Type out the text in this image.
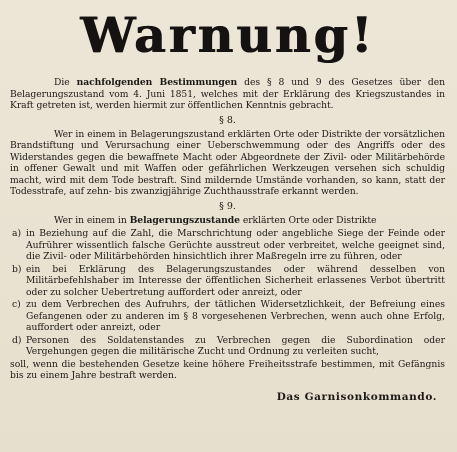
Warnung!

Die nachfolgenden Bestimmungen des § 8 und 9 des Gesetzes über den Belagerungszustand vom 4. Juni 1851, welches mit der Erklärung des Kriegszustandes in Kraft getreten ist, werden hiermit zur öffentlichen Kenntnis gebracht.

§ 8.

Wer in einem in Belagerungszustand erklärten Orte oder Distrikte der vorsätzlichen Brandstiftung und Verursachung einer Ueberschwemmung oder des Angriffs oder des Widerstandes gegen die bewaffnete Macht oder Abgeordnete der Zivil- oder Militärbehörde in offener Gewalt und mit Waffen oder gefährlichen Werkzeugen versehen sich schuldig macht, wird mit dem Tode bestraft. Sind mildernde Umstände vorhanden, so kann, statt der Todesstrafe, auf zehn- bis zwanzigjährige Zuchthausstrafe erkannt werden.

§ 9.

Wer in einem in Belagerungszustande erklärten Orte oder Distrikte

a) in Beziehung auf die Zahl, die Marschrichtung oder angebliche Siege der Feinde oder Aufrührer wissentlich falsche Gerüchte ausstreut oder verbreitet, welche geeignet sind, die Zivil- oder Militärbehörden hinsichtlich ihrer Maßregeln irre zu führen, oder
b) ein bei Erklärung des Belagerungszustandes oder während desselben von Militärbefehlshaber im Interesse der öffentlichen Sicherheit erlassenes Verbot übertritt oder zu solcher Uebertretung auffordert oder anreizt, oder
c) zu dem Verbrechen des Aufruhrs, der tätlichen Widersetzlichkeit, der Befreiung eines Gefangenen oder zu anderen im § 8 vorgesehenen Verbrechen, wenn auch ohne Erfolg, auffordert oder anreizt, oder
d) Personen des Soldatenstandes zu Verbrechen gegen die Subordination oder Vergehungen gegen die militärische Zucht und Ordnung zu verleiten sucht,

soll, wenn die bestehenden Gesetze keine höhere Freiheitsstrafe bestimmen, mit Gefängnis bis zu einem Jahre bestraft werden.

Das Garnisonkommando.
